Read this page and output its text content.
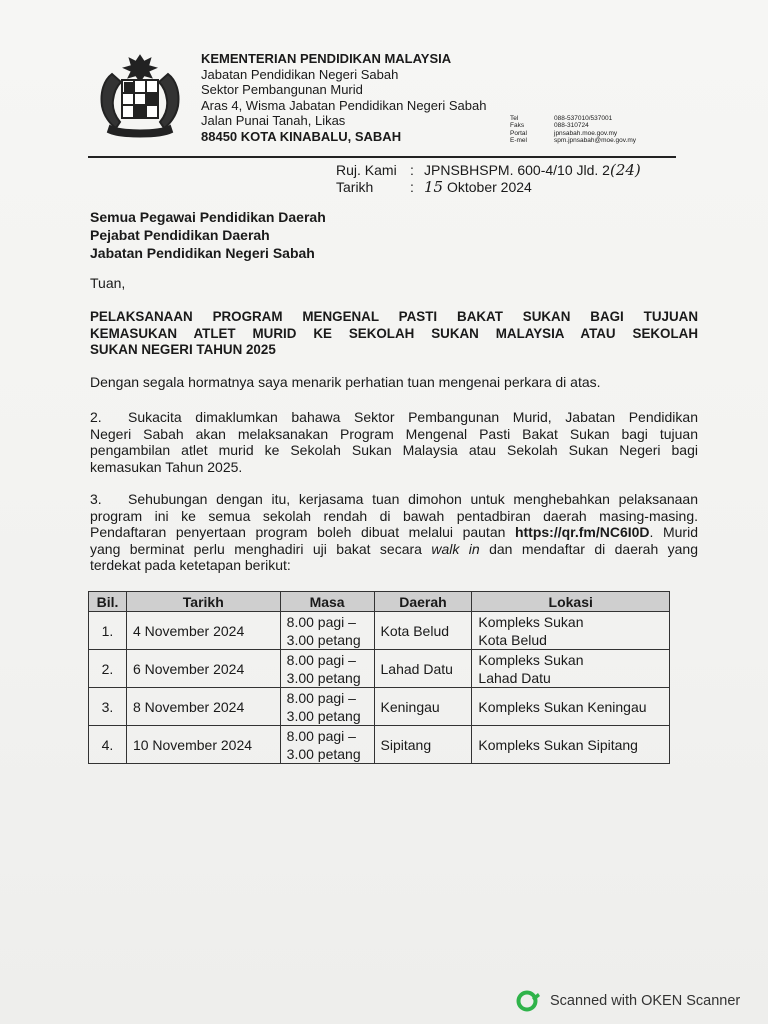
KEMENTERIAN PENDIDIKAN MALAYSIA
Jabatan Pendidikan Negeri Sabah
Sektor Pembangunan Murid
Aras 4, Wisma Jabatan Pendidikan Negeri Sabah
Jalan Punai Tanah, Likas
88450 KOTA KINABALU, SABAH
Tel	088-537010/537001
Faks	088-310724
Portal	jpnsabah.moe.gov.my
E-mel	spm.jpnsabah@moe.gov.my
Ruj. Kami : JPNSBHSPM. 600-4/10 Jld. 2 (24)
Tarikh	: 15
Oktober 2024
Semua Pegawai Pendidikan Daerah
Pejabat Pendidikan Daerah
Jabatan Pendidikan Negeri Sabah
Tuan,
PELAKSANAAN PROGRAM MENGENAL PASTI BAKAT SUKAN BAGI TUJUAN
KEMASUKAN ATLET MURID KE SEKOLAH SUKAN MALAYSIA ATAU SEKOLAH
SUKAN NEGERI TAHUN 2025
Dengan segala hormatnya saya menarik perhatian tuan mengenai perkara di atas.
2. Sukacita dimaklumkan bahawa Sektor Pembangunan Murid, Jabatan Pendidikan
Negeri Sabah akan melaksanakan Program Mengenal Pasti Bakat Sukan bagi tujuan
pengambilan atlet murid ke Sekolah Sukan Malaysia atau Sekolah Sukan Negeri bagi
kemasukan Tahun 2025.
3. Sehubungan dengan itu, kerjasama tuan dimohon untuk menghebahkan pelaksanaan
program ini ke semua sekolah rendah di bawah pentadbiran daerah masing-masing.
Pendaftaran penyertaan program boleh dibuat melalui pautan https://qr.fm/NC6I0D. Murid
yang berminat perlu menghadiri uji bakat secara walk in dan mendaftar di daerah yang
terdekat pada ketetapan berikut:
Bil.	Tarikh	Masa	Daerah	Lokasi
1.	4 November 2024	8.00 pagi –
3.00 petang	Kota Belud	Kompleks Sukan
Kota Belud

2.	6 November 2024	8.00 pagi –
3.00 petang	Lahad Datu	Kompleks Sukan
Lahad Datu

3.	8 November 2024	8.00 pagi –
3.00 petang	Keningau	Kompleks Sukan Keningau
4.	10 November 2024	8.00 pagi –
3.00 petang	Sipitang	Kompleks Sukan Sipitang
Scanned with OKEN Scanner
